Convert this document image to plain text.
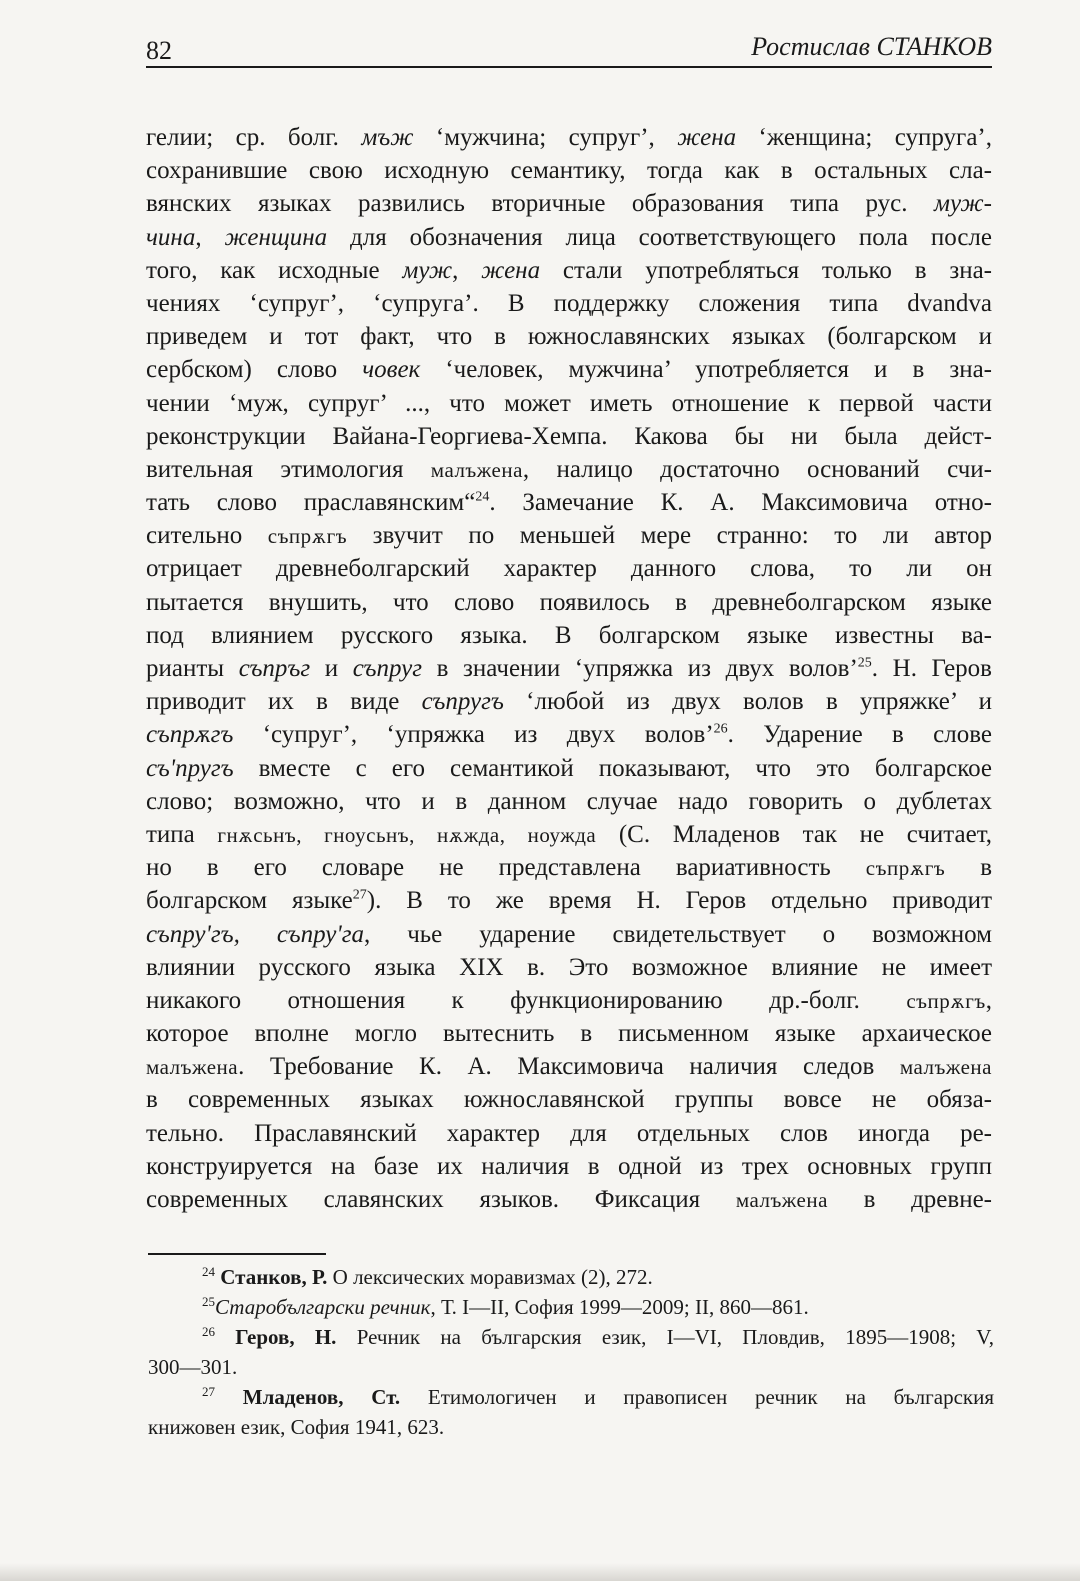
82	Ростислав СТАНКОВ
гелии; ср. болг. мъж ‘мужчина; супруг’, жена ‘женщина; супруга’,
сохранившие свою исходную семантику, тогда как в остальных сла-
вянских языках развились вторичные образования типа рус. муж-
чина, женщина для обозначения лица соответствующего пола после
того, как исходные муж, жена стали употребляться только в зна-
чениях ‘супруг’, ‘супруга’. В поддержку сложения типа dvandva
приведем и тот факт, что в южнославянских языках (болгарском и
сербском) слово човек ‘человек, мужчина’ употребляется и в зна-
чении ‘муж, супруг’ ..., что может иметь отношение к первой части
реконструкции Вайана-Георгиева-Хемпа. Какова бы ни была дейст-
вительная этимология малъжена, налицо достаточно оснований счи-
тать слово праславянским“$^{24}$. Замечание К. А. Максимовича отно-
сительно съпрѫгъ звучит по меньшей мере странно: то ли автор
отрицает древнеболгарский характер данного слова, то ли он
пытается внушить, что слово появилось в древнеболгарском языке
под влиянием русского языка. В болгарском языке известны ва-
рианты съпръг и съпруг в значении ‘упряжка из двух волов’$^{25}$. Н. Геров
приводит их в виде съпругъ ‘любой из двух волов в упряжке’ и
съпрѫгъ ‘супруг’, ‘упряжка из двух волов’$^{26}$. Ударение в слове
съ'пругъ вместе с его семантикой показывают, что это болгарское
слово; возможно, что и в данном случае надо говорить о дублетах
типа гнѫсьнъ, гноусьнъ, нѫжда, ноужда (С. Младенов так не считает,
но в его словаре не представлена вариативность съпрѫгъ в
болгарском языке$^{27}$). В то же время Н. Геров отдельно приводит
съпру'гъ, съпру'га, чье ударение свидетельствует о возможном
влиянии русского языка XIX в. Это возможное влияние не имеет
никакого отношения к функционированию др.-болг. съпрѫгъ,
которое вполне могло вытеснить в письменном языке архаическое
малъжена. Требование К. А. Максимовича наличия следов малъжена
в современных языках южнославянской группы вовсе не обяза-
тельно. Праславянский характер для отдельных слов иногда ре-
конструируется на базе их наличия в одной из трех основных групп
современных славянских языков. Фиксация малъжена в древне-
$^{24}$ Станков, Р. О лексических моравизмах (2), 272.
$^{25}$Старобългарски речник, Т. I—II, София 1999—2009; II, 860—861.
$^{26}$ Геров, Н. Речник на българския език, I—VI, Пловдив, 1895—1908; V,
300—301.
$^{27}$ Младенов, Ст. Етимологичен и правописен речник на българския
книжовен език, София 1941, 623.
